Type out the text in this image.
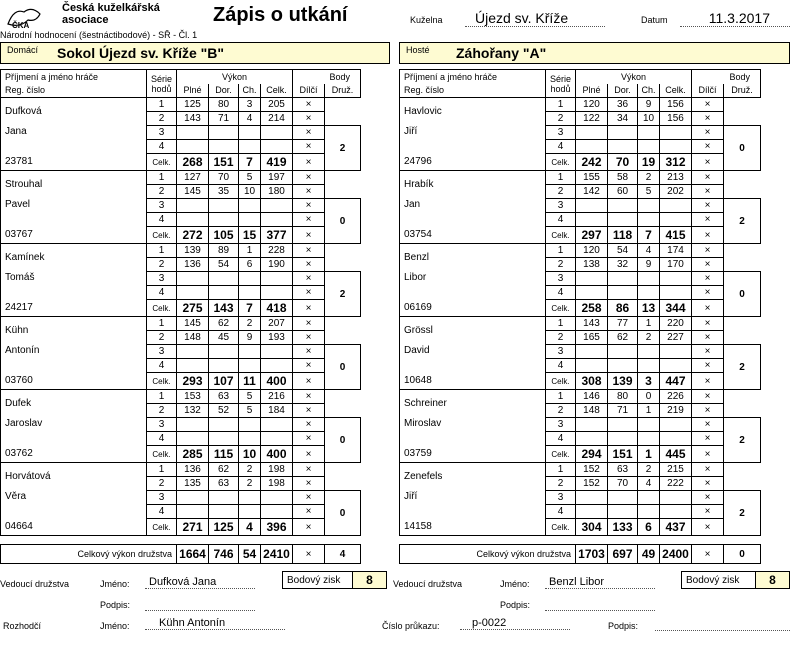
ČKA
Česká kuželkářská
asociace
Národní hodnocení (šestnáctibodové) - SŘ - Čl. 1
Zápis o utkání	Kuželna	Újezd sv. Kříže	Datum	11.3.2017
Domácí	Sokol Újezd sv. Kříže "B"	Hosté	Záhořany "A"
Příjmení a jméno hráče	Série
hodů	Výkon				Body	
Reg. číslo		Plné	Dor.	Ch.	Celk.	Dílčí	Druž.
Dufková	1	125	80	3	205	×	
	2	143	71	4	214	×	
Jana	3					×	2
	4					×	
23781	Celk.	268	151	7	419	×	
Strouhal	1	127	70	5	197	×	
	2	145	35	10	180	×	
Pavel	3					×	0
	4					×	
03767	Celk.	272	105	15	377	×	
Kamínek	1	139	89	1	228	×	
	2	136	54	6	190	×	
Tomáš	3					×	2
	4					×	
24217	Celk.	275	143	7	418	×	
Kühn	1	145	62	2	207	×	
	2	148	45	9	193	×	
Antonín	3					×	0
	4					×	
03760	Celk.	293	107	11	400	×	
Dufek	1	153	63	5	216	×	
	2	132	52	5	184	×	
Jaroslav	3					×	0
	4					×	
03762	Celk.	285	115	10	400	×	
Horvátová	1	136	62	2	198	×	
	2	135	63	2	198	×	
Věra	3					×	0
	4					×	
04664	Celk.	271	125	4	396	×	
Celkový výkon družstva	1664	746	54	2410	×	4
Příjmení a jméno hráče	Série
hodů	Výkon				Body	
Reg. číslo		Plné	Dor.	Ch.	Celk.	Dílčí	Druž.
Havlovic	1	120	36	9	156	×	
	2	122	34	10	156	×	
Jiří	3					×	0
	4					×	
24796	Celk.	242	70	19	312	×	
Hrabík	1	155	58	2	213	×	
	2	142	60	5	202	×	
Jan	3					×	2
	4					×	
03754	Celk.	297	118	7	415	×	
Benzl	1	120	54	4	174	×	
	2	138	32	9	170	×	
Libor	3					×	0
	4					×	
06169	Celk.	258	86	13	344	×	
Grössl	1	143	77	1	220	×	
	2	165	62	2	227	×	
David	3					×	2
	4					×	
10648	Celk.	308	139	3	447	×	
Schreiner	1	146	80	0	226	×	
	2	148	71	1	219	×	
Miroslav	3					×	2
	4					×	
03759	Celk.	294	151	1	445	×	
Zenefels	1	152	63	2	215	×	
	2	152	70	4	222	×	
Jiří	3					×	2
	4					×	
14158	Celk.	304	133	6	437	×	
Celkový výkon družstva	1703	697	49	2400	×	0
Vedoucí družstva	Jméno:	Dufková Jana
Podpis:
Bodový zisk	8	Vedoucí družstva	Jméno:	Benzl Libor
Podpis:
Bodový zisk	8
Rozhodčí	Jméno:	Kühn Antonín	Číslo průkazu:	p-0022	Podpis:
